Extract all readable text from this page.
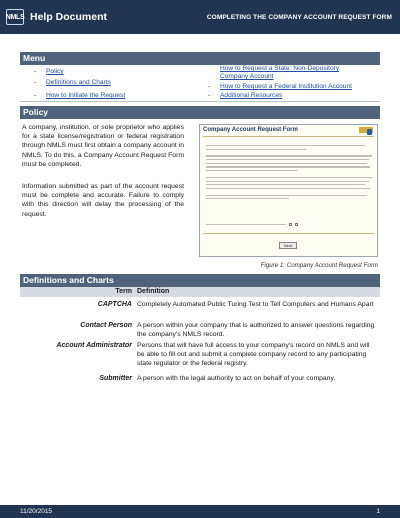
NMLS Help Document	COMPLETING THE COMPANY ACCOUNT REQUEST FORM
Menu
- Policy
- Definitions and Charts
- How to Initiate the Request
How to Request a State: Non-Depository Company Account
- How to Request a Federal Institution Account
- Additional Resources
Policy

A company, institution, or sole proprietor who applies for a state license/registration or federal registration through NMLS must first obtain a company account in NMLS. To do this, a Company Account Request Form must be completed.

Information submitted as part of the account request must be complete and accurate. Failure to comply with this direction will delay the processing of the request.

Company Account Request Form
Next
Figure 1: Company Account Request Form
Definitions and Charts
Term Definition
CAPTCHA Completely Automated Public Turing Test to Tell Computers and Humans Apart
Contact Person A person within your company that is authorized to answer questions regarding the company's NMLS record.
Account Administrator Persons that will have full access to your company's record on NMLS and will be able to fill out and submit a complete company record to any participating state regulator or the federal registry.
Submitter A person with the legal authority to act on behalf of your company.
11/20/2015	1
